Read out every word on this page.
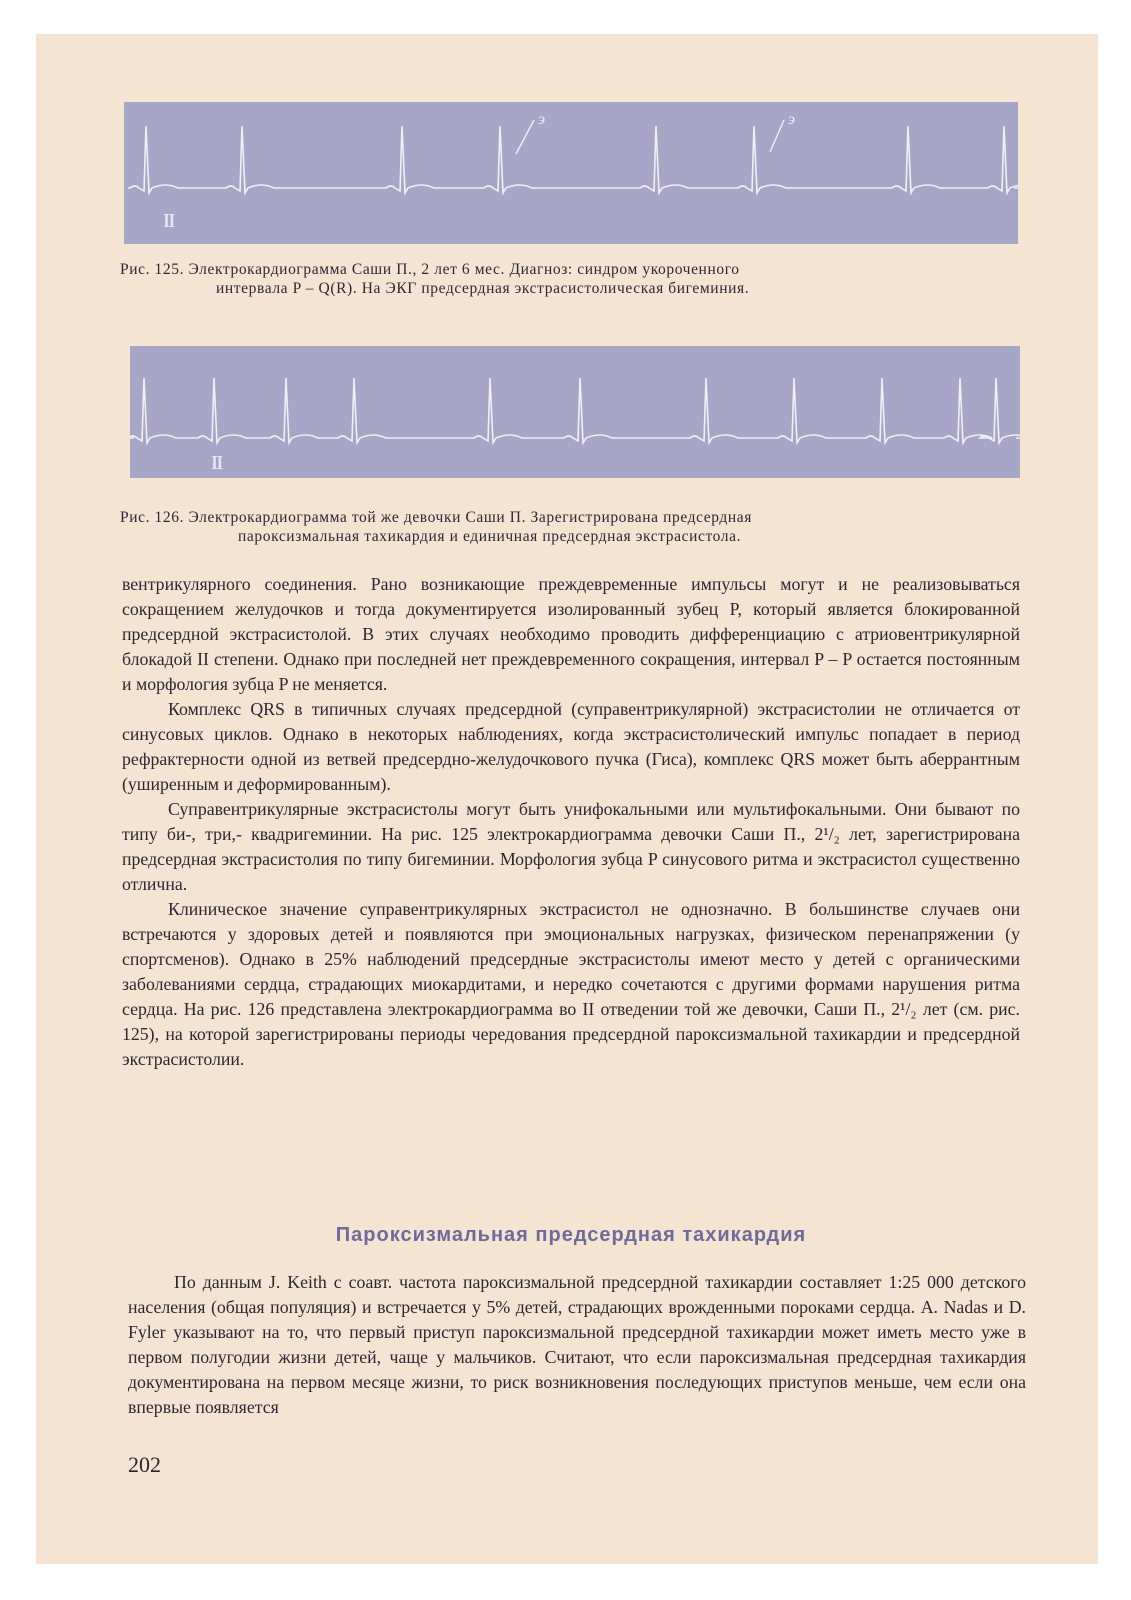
э	э
II
Рис. 125. Электрокардиограмма Саши П., 2 лет 6 мес. Диагноз: синдром укороченного
интервала P – Q(R). На ЭКГ предсердная экстрасистолическая бигеминия.
II
Рис. 126. Электрокардиограмма той же девочки Саши П. Зарегистрирована предсердная
пароксизмальная тахикардия и единичная предсердная экстрасистола.

вентрикулярного соединения. Рано возникающие преждевременные импульсы могут и не реализовываться сокращением желудочков и тогда документируется изолированный зубец P, который является блокированной предсердной экстрасистолой. В этих случаях необходимо проводить дифференциацию с атриовентрикулярной блокадой II степени. Однако при последней нет преждевременного сокращения, интервал P – P остается постоянным и морфология зубца P не меняется.

Комплекс QRS в типичных случаях предсердной (суправентрикулярной) экстрасистолии не отличается от синусовых циклов. Однако в некоторых наблюдениях, когда экстрасистолический импульс попадает в период рефрактерности одной из ветвей предсердно-желудочкового пучка (Гиса), комплекс QRS может быть аберрантным (уширенным и деформированным).

Суправентрикулярные экстрасистолы могут быть унифокальными или мультифокальными. Они бывают по типу би-, три,- квадригеминии. На рис. 125 электрокардиограмма девочки Саши П., 2¹/₂ лет, зарегистрирована предсердная экстрасистолия по типу бигеминии. Морфология зубца P синусового ритма и экстрасистол существенно отлична.

Клиническое значение суправентрикулярных экстрасистол не однозначно. В большинстве случаев они встречаются у здоровых детей и появляются при эмоциональных нагрузках, физическом перенапряжении (у спортсменов). Однако в 25% наблюдений предсердные экстрасистолы имеют место у детей с органическими заболеваниями сердца, страдающих миокардитами, и нередко сочетаются с другими формами нарушения ритма сердца. На рис. 126 представлена электрокардиограмма во II отведении той же девочки, Саши П., 2¹/₂ лет (см. рис. 125), на которой зарегистрированы периоды чередования предсердной пароксизмальной тахикардии и предсердной экстрасистолии.

Пароксизмальная предсердная тахикардия

По данным J. Keith с соавт. частота пароксизмальной предсердной тахикардии составляет 1:25 000 детского населения (общая популяция) и встречается у 5% детей, страдающих врожденными пороками сердца. A. Nadas и D. Fyler указывают на то, что первый приступ пароксизмальной предсердной тахикардии может иметь место уже в первом полугодии жизни детей, чаще у мальчиков. Считают, что если пароксизмальная предсердная тахикардия документирована на первом месяце жизни, то риск возникновения последующих приступов меньше, чем если она впервые появляется

202
